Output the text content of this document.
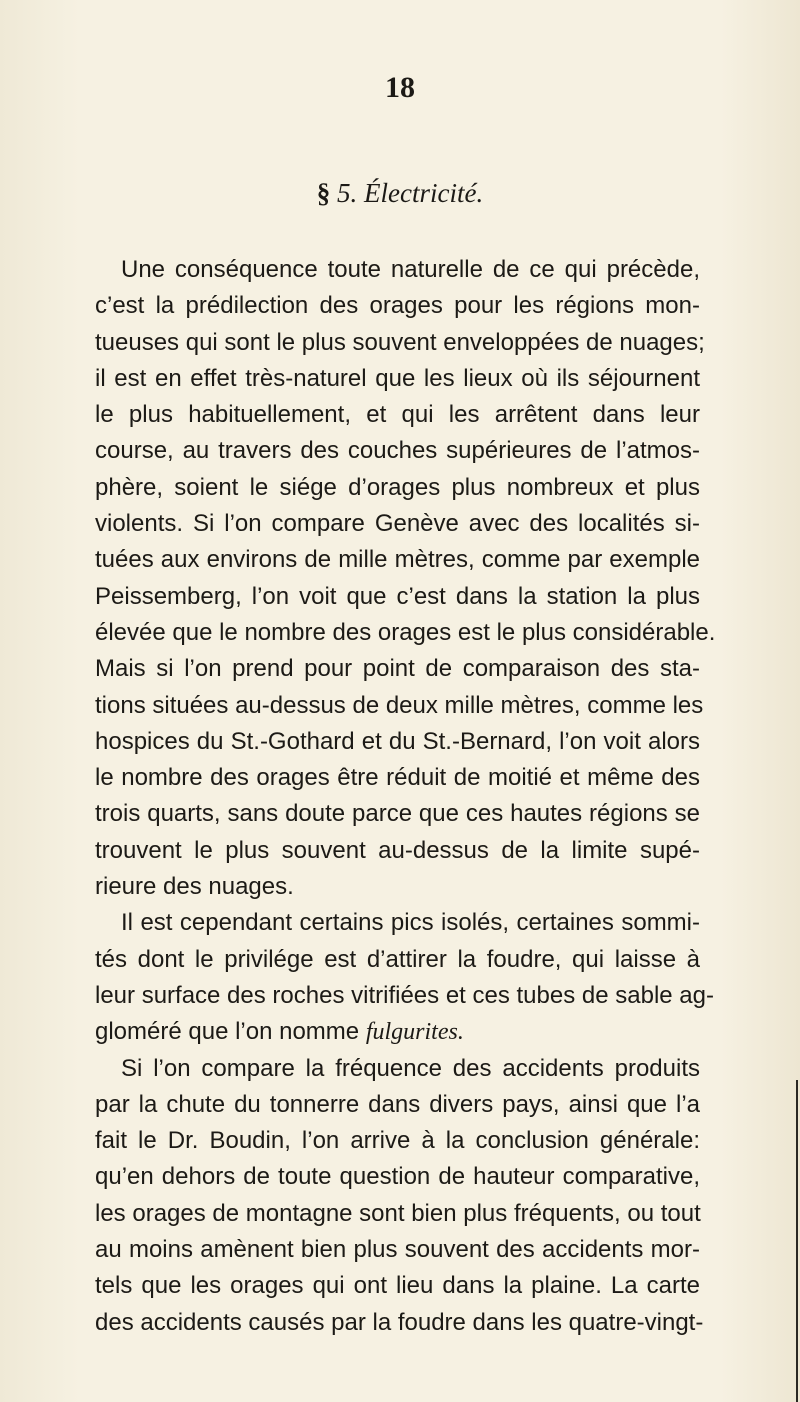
18
§ 5. Électricité.
Une conséquence toute naturelle de ce qui précède,
c’est la prédilection des orages pour les régions mon-
tueuses qui sont le plus souvent enveloppées de nuages;
il est en effet très-naturel que les lieux où ils séjournent
le plus habituellement, et qui les arrêtent dans leur
course, au travers des couches supérieures de l’atmos-
phère, soient le siége d’orages plus nombreux et plus
violents. Si l’on compare Genève avec des localités si-
tuées aux environs de mille mètres, comme par exemple
Peissemberg, l’on voit que c’est dans la station la plus
élevée que le nombre des orages est le plus considérable.
Mais si l’on prend pour point de comparaison des sta-
tions situées au-dessus de deux mille mètres, comme les
hospices du St.-Gothard et du St.-Bernard, l’on voit alors
le nombre des orages être réduit de moitié et même des
trois quarts, sans doute parce que ces hautes régions se
trouvent le plus souvent au-dessus de la limite supé-
rieure des nuages.
Il est cependant certains pics isolés, certaines sommi-
tés dont le privilége est d’attirer la foudre, qui laisse à
leur surface des roches vitrifiées et ces tubes de sable ag-
gloméré que l’on nomme fulgurites.
Si l’on compare la fréquence des accidents produits
par la chute du tonnerre dans divers pays, ainsi que l’a
fait le Dr. Boudin, l’on arrive à la conclusion générale:
qu’en dehors de toute question de hauteur comparative,
les orages de montagne sont bien plus fréquents, ou tout
au moins amènent bien plus souvent des accidents mor-
tels que les orages qui ont lieu dans la plaine. La carte
des accidents causés par la foudre dans les quatre-vingt-
